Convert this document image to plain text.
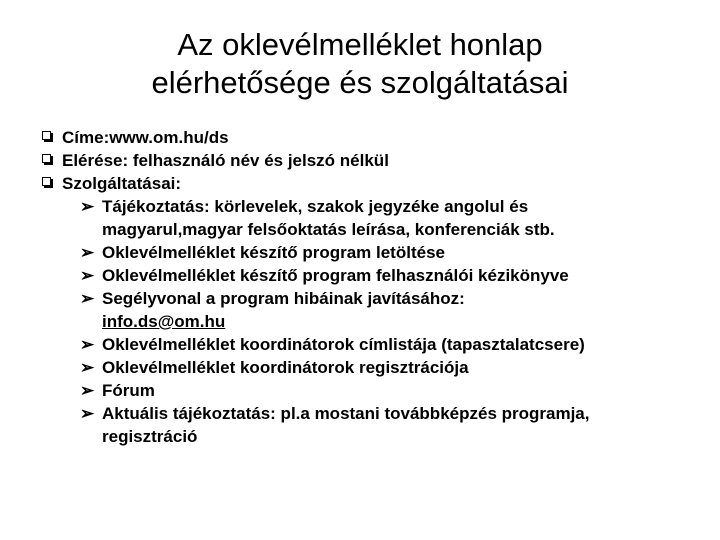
Az oklevélmelléklet honlap
elérhetősége és szolgáltatásai
Címe:www.om.hu/ds
Elérése: felhasználó név és jelszó nélkül
Szolgáltatásai:
➢ Tájékoztatás: körlevelek, szakok jegyzéke angolul és
magyarul,magyar felsőoktatás leírása, konferenciák stb.
➢ Oklevélmelléklet készítő program letöltése
➢ Oklevélmelléklet készítő program felhasználói kézikönyve
➢ Segélyvonal a program hibáinak javításához:
info.ds@om.hu
➢ Oklevélmelléklet koordinátorok címlistája (tapasztalatcsere)
➢ Oklevélmelléklet koordinátorok regisztrációja
➢ Fórum
➢ Aktuális tájékoztatás: pl.a mostani továbbképzés programja,
regisztráció
